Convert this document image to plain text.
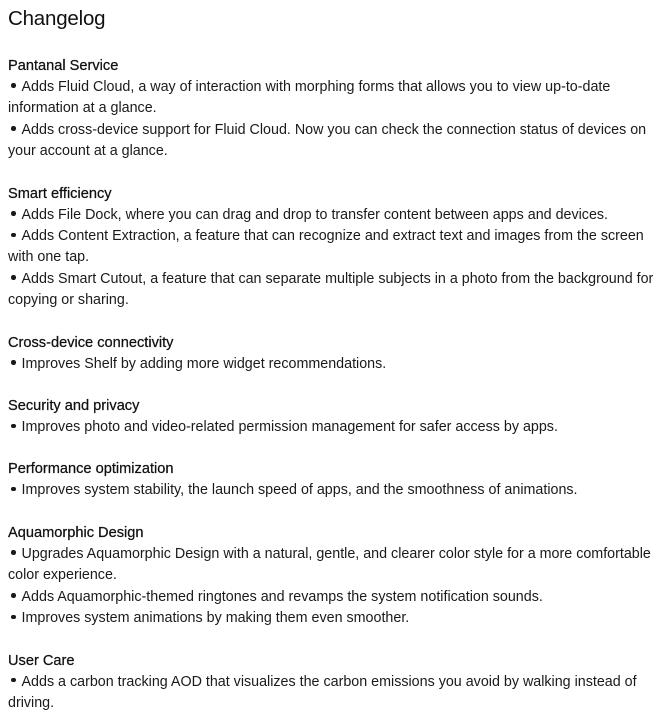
Changelog
Pantanal Service
Adds Fluid Cloud, a way of interaction with morphing forms that allows you to view up-to-date information at a glance.
Adds cross-device support for Fluid Cloud. Now you can check the connection status of devices on your account at a glance.
Smart efficiency
Adds File Dock, where you can drag and drop to transfer content between apps and devices.
Adds Content Extraction, a feature that can recognize and extract text and images from the screen with one tap.
Adds Smart Cutout, a feature that can separate multiple subjects in a photo from the background for copying or sharing.
Cross-device connectivity
Improves Shelf by adding more widget recommendations.
Security and privacy
Improves photo and video-related permission management for safer access by apps.
Performance optimization
Improves system stability, the launch speed of apps, and the smoothness of animations.
Aquamorphic Design
Upgrades Aquamorphic Design with a natural, gentle, and clearer color style for a more comfortable color experience.
Adds Aquamorphic-themed ringtones and revamps the system notification sounds.
Improves system animations by making them even smoother.
User Care
Adds a carbon tracking AOD that visualizes the carbon emissions you avoid by walking instead of driving.
